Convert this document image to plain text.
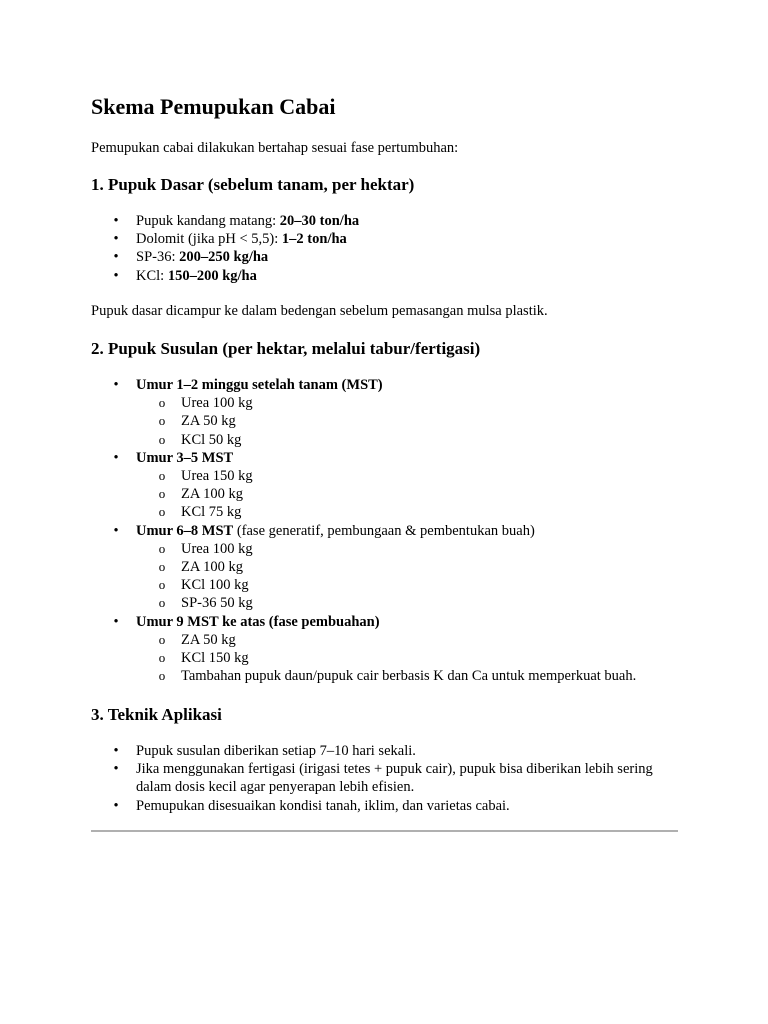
Skema Pemupukan Cabai

Pemupukan cabai dilakukan bertahap sesuai fase pertumbuhan:

1. Pupuk Dasar (sebelum tanam, per hektar)
• Pupuk kandang matang: 20–30 ton/ha
• Dolomit (jika pH < 5,5): 1–2 ton/ha
• SP-36: 200–250 kg/ha
• KCl: 150–200 kg/ha

Pupuk dasar dicampur ke dalam bedengan sebelum pemasangan mulsa plastik.

2. Pupuk Susulan (per hektar, melalui tabur/fertigasi)
• Umur 1–2 minggu setelah tanam (MST)
o Urea 100 kg
o ZA 50 kg
o KCl 50 kg
• Umur 3–5 MST
o Urea 150 kg
o ZA 100 kg
o KCl 75 kg
• Umur 6–8 MST (fase generatif, pembungaan & pembentukan buah)
o Urea 100 kg
o ZA 100 kg
o KCl 100 kg
o SP-36 50 kg
• Umur 9 MST ke atas (fase pembuahan)
o ZA 50 kg
o KCl 150 kg
o Tambahan pupuk daun/pupuk cair berbasis K dan Ca untuk memperkuat buah.
3. Teknik Aplikasi
• Pupuk susulan diberikan setiap 7–10 hari sekali.
• Jika menggunakan fertigasi (irigasi tetes + pupuk cair), pupuk bisa diberikan lebih sering dalam dosis kecil agar penyerapan lebih efisien.
• Pemupukan disesuaikan kondisi tanah, iklim, dan varietas cabai.
